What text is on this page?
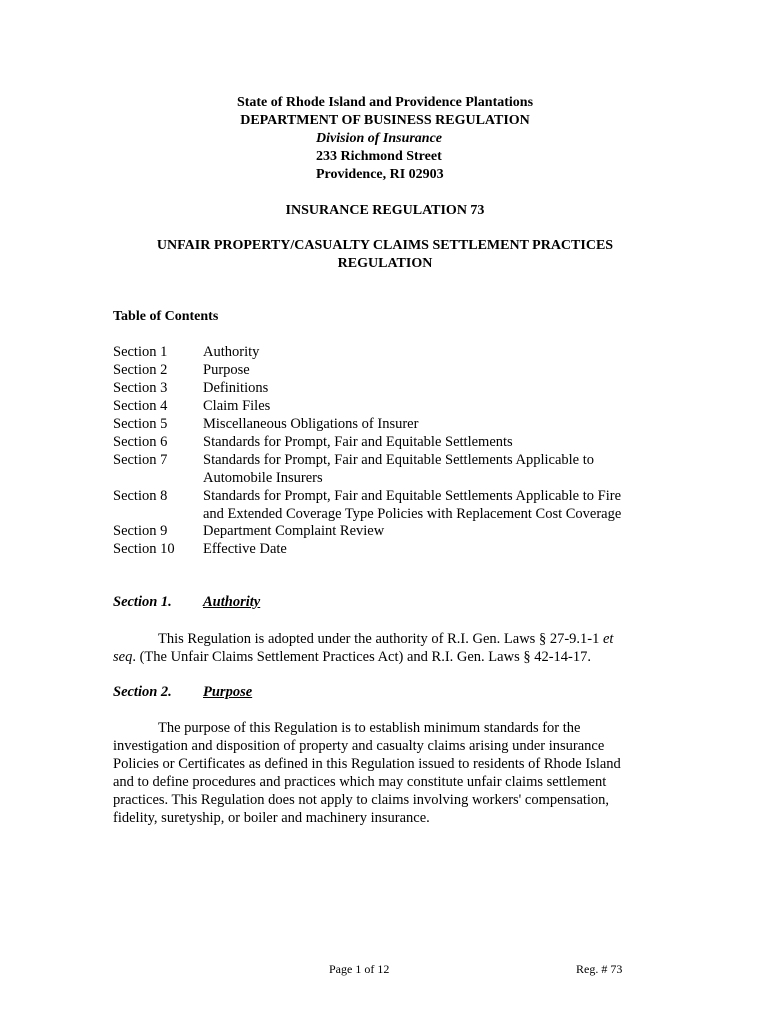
State of Rhode Island and Providence Plantations
DEPARTMENT OF BUSINESS REGULATION
Division of Insurance
233 Richmond Street
Providence, RI 02903
INSURANCE REGULATION 73
UNFAIR PROPERTY/CASUALTY CLAIMS SETTLEMENT PRACTICES
REGULATION
Table of Contents
Section 1 Authority
Section 2 Purpose
Section 3 Definitions
Section 4 Claim Files
Section 5 Miscellaneous Obligations of Insurer
Section 6 Standards for Prompt, Fair and Equitable Settlements
Section 7 Standards for Prompt, Fair and Equitable Settlements Applicable to
Automobile Insurers
Section 8 Standards for Prompt, Fair and Equitable Settlements Applicable to Fire
and Extended Coverage Type Policies with Replacement Cost Coverage
Section 9 Department Complaint Review
Section 10 Effective Date
Section 1. Authority
This Regulation is adopted under the authority of R.I. Gen. Laws § 27-9.1-1 et
seq. (The Unfair Claims Settlement Practices Act) and R.I. Gen. Laws § 42-14-17.
Section 2. Purpose
The purpose of this Regulation is to establish minimum standards for the
investigation and disposition of property and casualty claims arising under insurance
Policies or Certificates as defined in this Regulation issued to residents of Rhode Island
and to define procedures and practices which may constitute unfair claims settlement
practices. This Regulation does not apply to claims involving workers' compensation,
fidelity, suretyship, or boiler and machinery insurance.
Page 1 of 12	Reg. # 73
